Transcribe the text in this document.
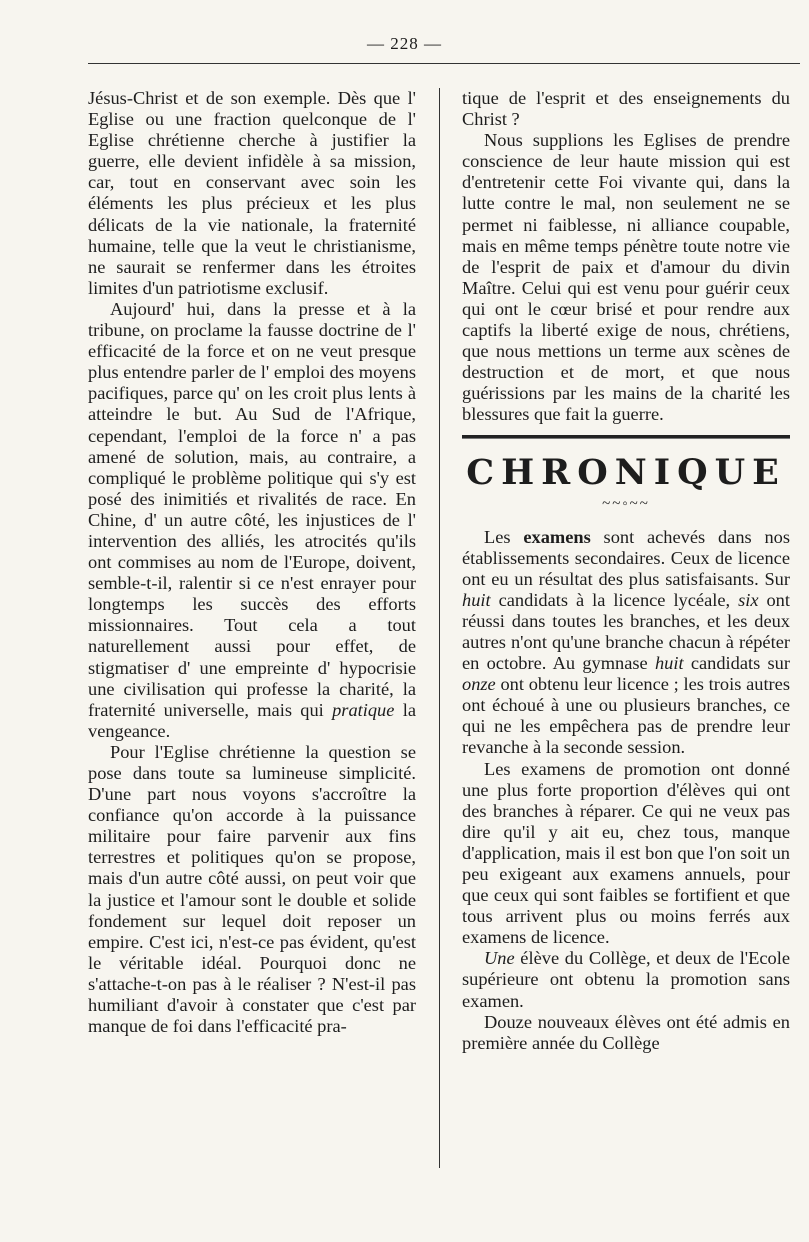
— 228 —

Jésus-Christ et de son exemple. Dès que l' Eglise ou une fraction quelconque de l' Eglise chrétienne cherche à justifier la guerre, elle devient infidèle à sa mission, car, tout en conservant avec soin les éléments les plus précieux et les plus délicats de la vie nationale, la fraternité humaine, telle que la veut le christianisme, ne saurait se renfermer dans les étroites limites d'un patriotisme exclusif.

Aujourd' hui, dans la presse et à la tribune, on proclame la fausse doctrine de l' efficacité de la force et on ne veut presque plus entendre parler de l' emploi des moyens pacifiques, parce qu' on les croit plus lents à atteindre le but. Au Sud de l'Afrique, cependant, l'emploi de la force n' a pas amené de solution, mais, au contraire, a compliqué le problème politique qui s'y est posé des inimitiés et rivalités de race. En Chine, d' un autre côté, les injustices de l' intervention des alliés, les atrocités qu'ils ont commises au nom de l'Europe, doivent, semble-t-il, ralentir si ce n'est enrayer pour longtemps les succès des efforts missionnaires. Tout cela a tout naturellement aussi pour effet, de stigmatiser d' une empreinte d' hypocrisie une civilisation qui professe la charité, la fraternité universelle, mais qui pratique la vengeance.

Pour l'Eglise chrétienne la question se pose dans toute sa lumineuse simplicité. D'une part nous voyons s'accroître la confiance qu'on accorde à la puissance militaire pour faire parvenir aux fins terrestres et politiques qu'on se propose, mais d'un autre côté aussi, on peut voir que la justice et l'amour sont le double et solide fondement sur lequel doit reposer un empire. C'est ici, n'est-ce pas évident, qu'est le véritable idéal. Pourquoi donc ne s'attache-t-on pas à le réaliser ? N'est-il pas humiliant d'avoir à constater que c'est par manque de foi dans l'efficacité pra-

tique de l'esprit et des enseignements du Christ ?

Nous supplions les Eglises de prendre conscience de leur haute mission qui est d'entretenir cette Foi vivante qui, dans la lutte contre le mal, non seulement ne se permet ni faiblesse, ni alliance coupable, mais en même temps pénètre toute notre vie de l'esprit de paix et d'amour du divin Maître. Celui qui est venu pour guérir ceux qui ont le cœur brisé et pour rendre aux captifs la liberté exige de nous, chrétiens, que nous mettions un terme aux scènes de destruction et de mort, et que nous guérissions par les mains de la charité les blessures que fait la guerre.

CHRONIQUE
~~◦~~

Les examens sont achevés dans nos établissements secondaires. Ceux de licence ont eu un résultat des plus satisfaisants. Sur huit candidats à la licence lycéale, six ont réussi dans toutes les branches, et les deux autres n'ont qu'une branche chacun à répéter en octobre. Au gymnase huit candidats sur onze ont obtenu leur licence ; les trois autres ont échoué à une ou plusieurs branches, ce qui ne les empêchera pas de prendre leur revanche à la seconde session.

Les examens de promotion ont donné une plus forte proportion d'élèves qui ont des branches à réparer. Ce qui ne veux pas dire qu'il y ait eu, chez tous, manque d'application, mais il est bon que l'on soit un peu exigeant aux examens annuels, pour que ceux qui sont faibles se fortifient et que tous arrivent plus ou moins ferrés aux examens de licence.

Une élève du Collège, et deux de l'Ecole supérieure ont obtenu la promotion sans examen.

Douze nouveaux élèves ont été admis en première année du Collège
